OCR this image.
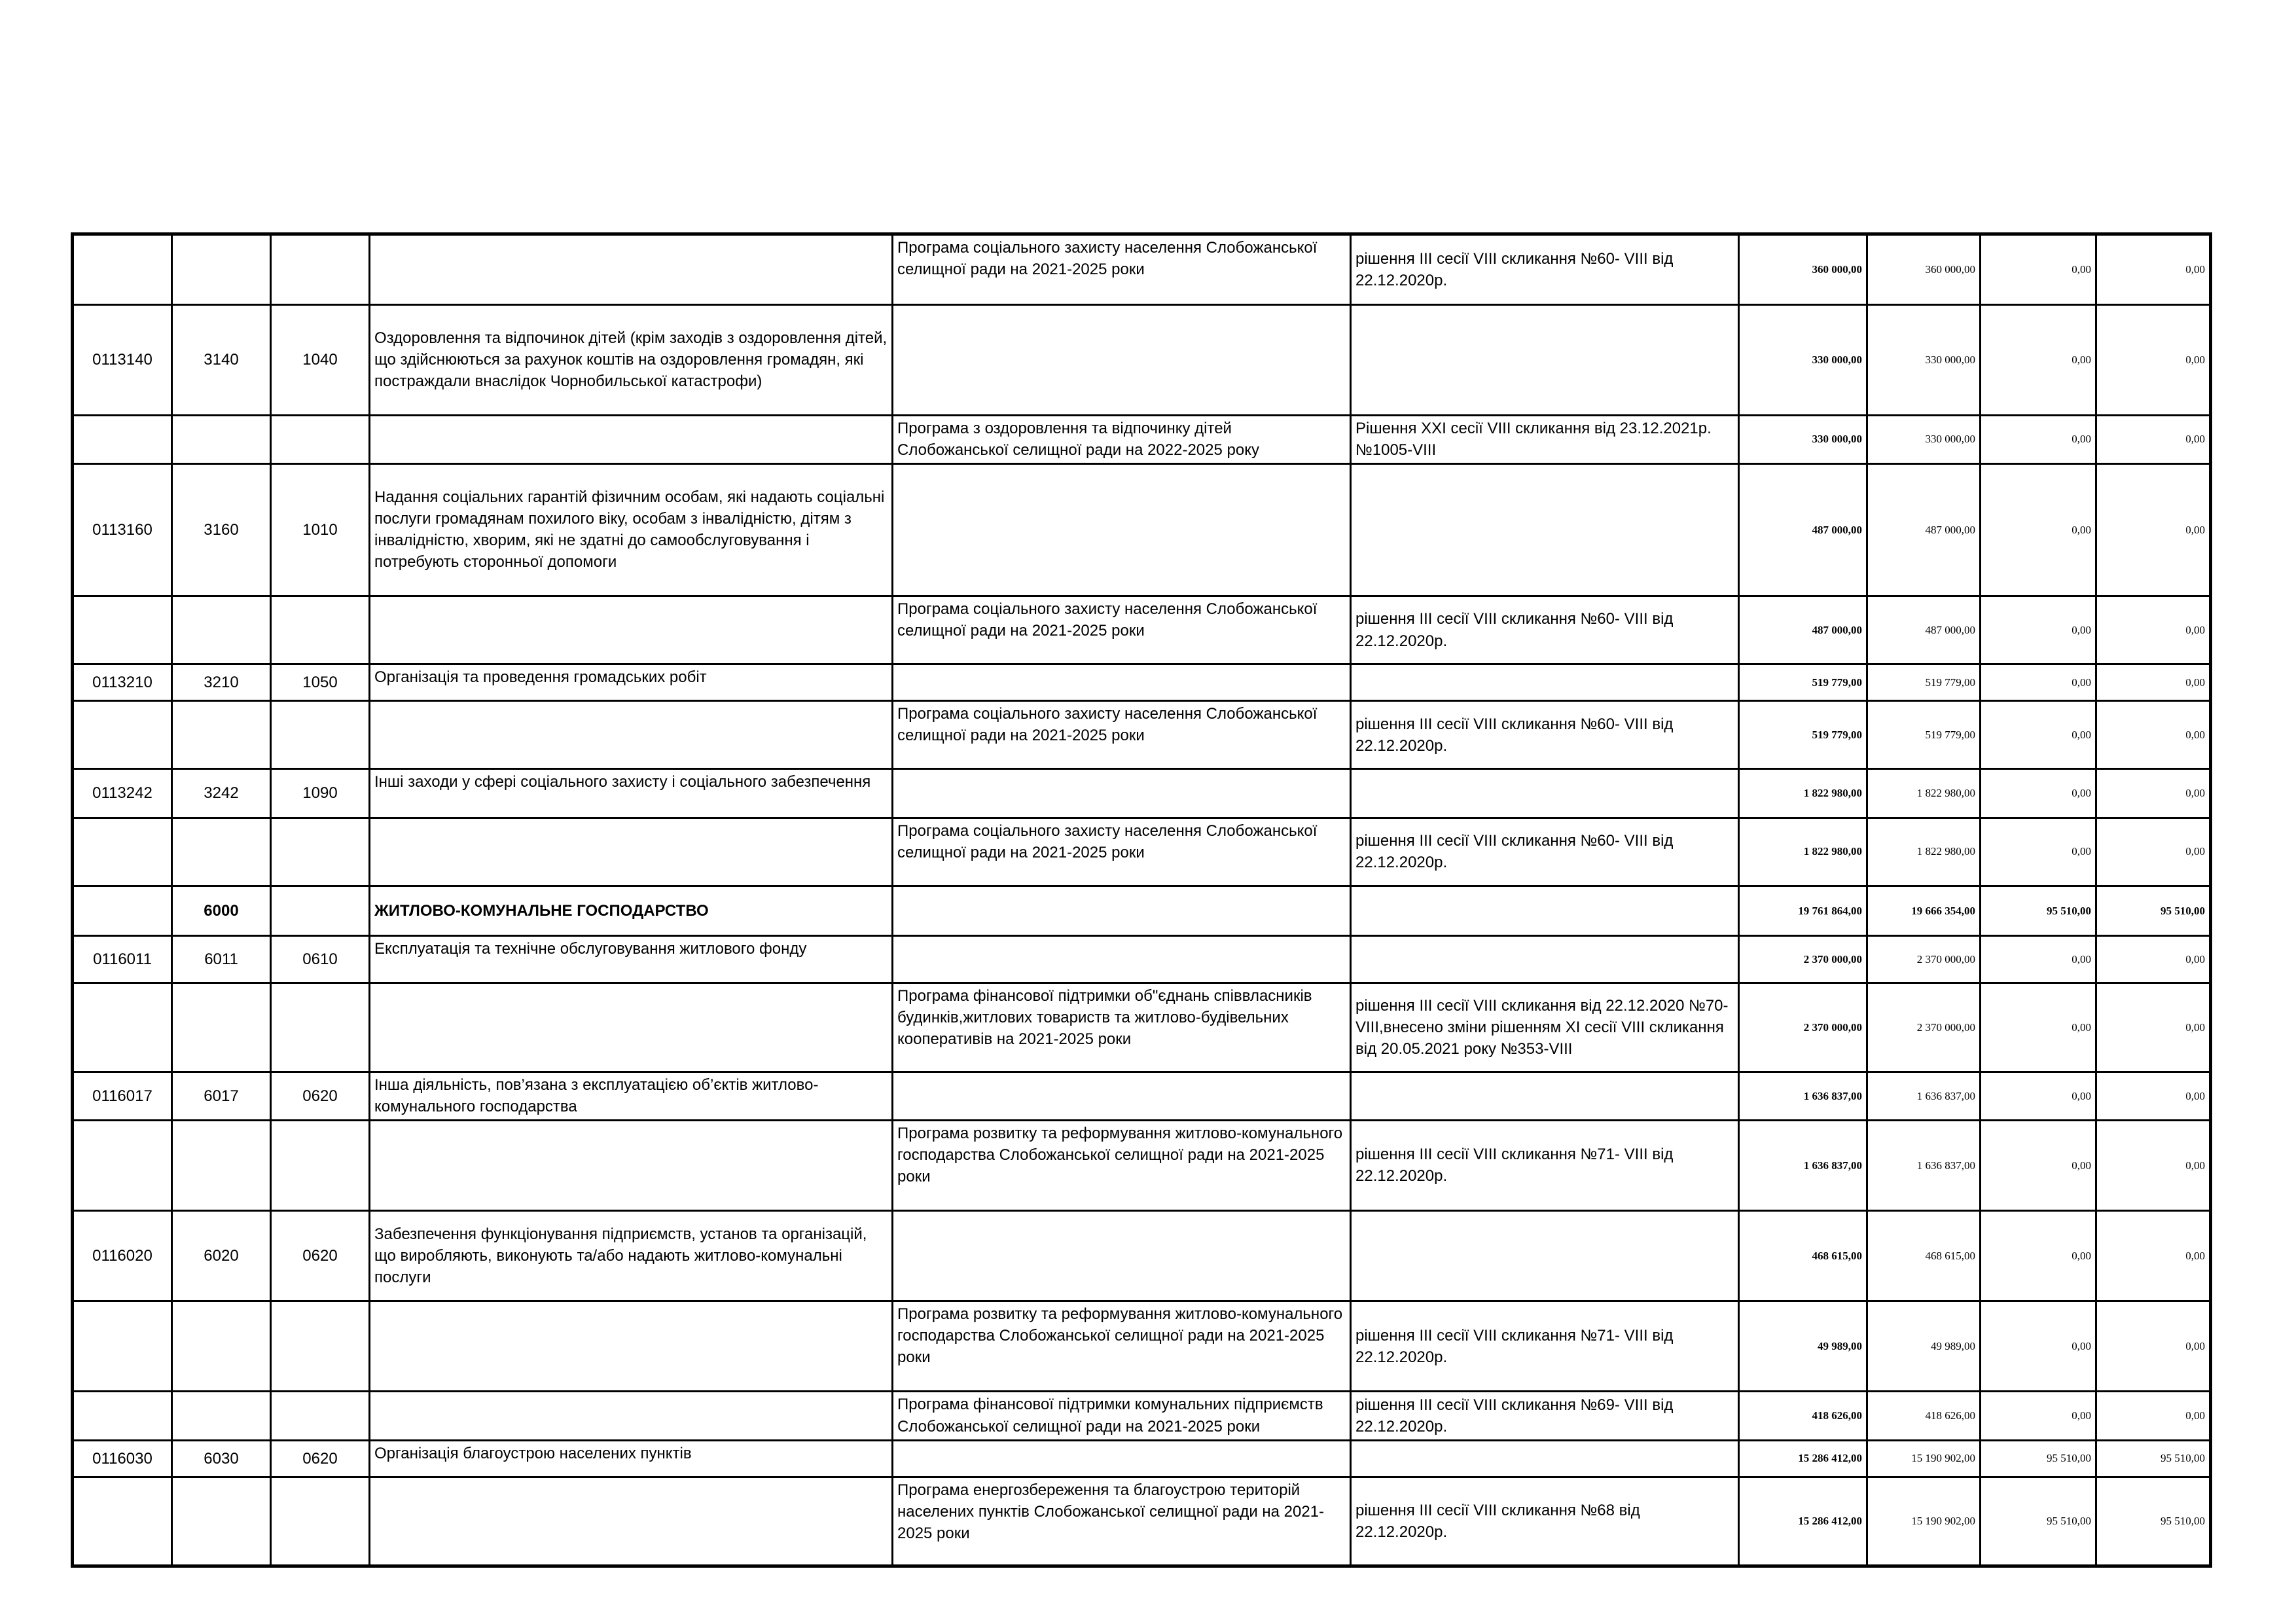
				Програма соціального захисту населення Слобожанської селищної ради на 2021-2025 роки	рішення ІІІ сесії VІІІ скликання №60- VІІІ від 22.12.2020р.	360 000,00	360 000,00	0,00	0,00
0113140	3140	1040	Оздоровлення та відпочинок дітей (крім заходів з оздоровлення дітей, що здійснюються за рахунок коштів на оздоровлення громадян, які постраждали внаслідок Чорнобильської катастрофи)			330 000,00	330 000,00	0,00	0,00
				Програма з оздоровлення та відпочинку дітей Слобожанської селищної ради на 2022-2025 року	Рішення ХХІ сесії VІІІ скликання від 23.12.2021р. №1005-VIII	330 000,00	330 000,00	0,00	0,00
0113160	3160	1010	Надання соціальних гарантій фізичним особам, які надають соціальні послуги громадянам похилого віку, особам з інвалідністю, дітям з інвалідністю, хворим, які не здатні до самообслуговування і потребують сторонньої допомоги			487 000,00	487 000,00	0,00	0,00
				Програма соціального захисту населення Слобожанської селищної ради на 2021-2025 роки	рішення ІІІ сесії VІІІ скликання №60- VІІІ від 22.12.2020р.	487 000,00	487 000,00	0,00	0,00
0113210	3210	1050	Організація та проведення громадських робіт			519 779,00	519 779,00	0,00	0,00
				Програма соціального захисту населення Слобожанської селищної ради на 2021-2025 роки	рішення ІІІ сесії VІІІ скликання №60- VІІІ від 22.12.2020р.	519 779,00	519 779,00	0,00	0,00
0113242	3242	1090	Інші заходи у сфері соціального захисту і соціального забезпечення			1 822 980,00	1 822 980,00	0,00	0,00
				Програма соціального захисту населення Слобожанської селищної ради на 2021-2025 роки	рішення ІІІ сесії VІІІ скликання №60- VІІІ від 22.12.2020р.	1 822 980,00	1 822 980,00	0,00	0,00
	6000		ЖИТЛОВО-КОМУНАЛЬНЕ ГОСПОДАРСТВО			19 761 864,00	19 666 354,00	95 510,00	95 510,00
0116011	6011	0610	Експлуатація та технічне обслуговування житлового фонду			2 370 000,00	2 370 000,00	0,00	0,00
				Програма фінансової підтримки об"єднань співвласників будинків,житлових товариств та житлово-будівельних кооперативів на 2021-2025 роки	рішення ІІІ сесії VІІІ скликання від 22.12.2020 №70-VІІІ,внесено зміни рішенням ХІ сесії VІІІ скликання від 20.05.2021 року №353-VІІІ	2 370 000,00	2 370 000,00	0,00	0,00
0116017	6017	0620	Інша діяльність, пов’язана з експлуатацією об’єктів житлово-комунального господарства			1 636 837,00	1 636 837,00	0,00	0,00
				Програма розвитку та реформування житлово-комунального господарства Слобожанської селищної ради на 2021-2025 роки	рішення ІІІ сесії VІІІ скликання №71- VІІІ від 22.12.2020р.	1 636 837,00	1 636 837,00	0,00	0,00
0116020	6020	0620	Забезпечення функціонування підприємств, установ та організацій, що виробляють, виконують та/або надають житлово-комунальні послуги			468 615,00	468 615,00	0,00	0,00
				Програма розвитку та реформування житлово-комунального господарства Слобожанської селищної ради на 2021-2025 роки	рішення ІІІ сесії VІІІ скликання №71- VІІІ від 22.12.2020р.	49 989,00	49 989,00	0,00	0,00
				Програма фінансової підтримки комунальних підприємств Слобожанської селищної ради на 2021-2025 роки	рішення ІІІ сесії VІІІ скликання №69- VІІІ від 22.12.2020р.	418 626,00	418 626,00	0,00	0,00
0116030	6030	0620	Організація благоустрою населених пунктів			15 286 412,00	15 190 902,00	95 510,00	95 510,00
				Програма енергозбереження та благоустрою територій населених пунктів Слобожанської селищної ради на 2021-2025 роки	рішення ІІІ сесії VІІІ скликання №68 від 22.12.2020р.	15 286 412,00	15 190 902,00	95 510,00	95 510,00
